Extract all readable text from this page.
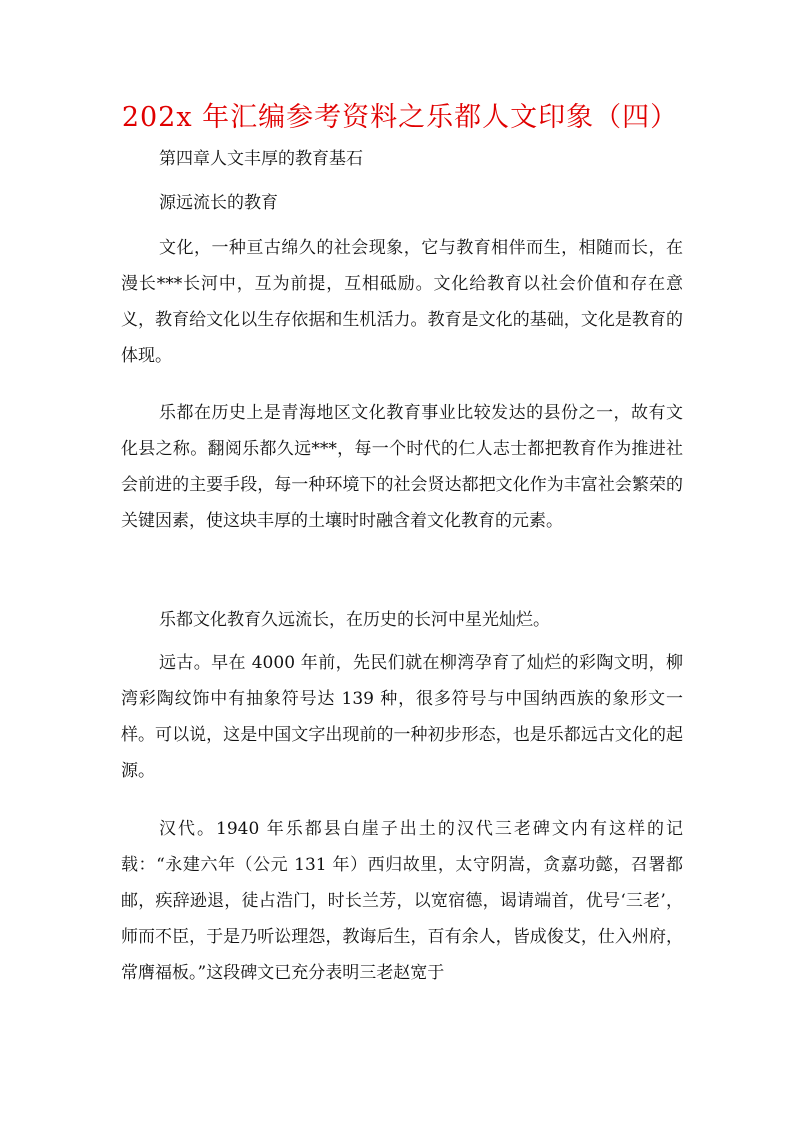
202x 年汇编参考资料之乐都人文印象（四）

第四章人文丰厚的教育基石

源远流长的教育

文化，一种亘古绵久的社会现象，它与教育相伴而生，相随而长，在漫长***长河中，互为前提，互相砥励。文化给教育以社会价值和存在意义，教育给文化以生存依据和生机活力。教育是文化的基础，文化是教育的体现。

乐都在历史上是青海地区文化教育事业比较发达的县份之一，故有文化县之称。翻阅乐都久远***，每一个时代的仁人志士都把教育作为推进社会前进的主要手段，每一种环境下的社会贤达都把文化作为丰富社会繁荣的关键因素，使这块丰厚的土壤时时融含着文化教育的元素。

乐都文化教育久远流长，在历史的长河中星光灿烂。

远古。早在 4000 年前，先民们就在柳湾孕育了灿烂的彩陶文明，柳湾彩陶纹饰中有抽象符号达 139 种，很多符号与中国纳西族的象形文一样。可以说，这是中国文字出现前的一种初步形态，也是乐都远古文化的起源。

汉代。1940 年乐都县白崖子出土的汉代三老碑文内有这样的记载：“永建六年（公元 131 年）西归故里，太守阴嵩，贪嘉功懿，召署都邮，疾辞逊退，徒占浩门，时长兰芳，以宽宿德，谒请端首，优号‘三老’，师而不臣，于是乃听讼理怨，教诲后生，百有余人，皆成俊艾，仕入州府，常膺福板。”这段碑文已充分表明三老赵宽于
